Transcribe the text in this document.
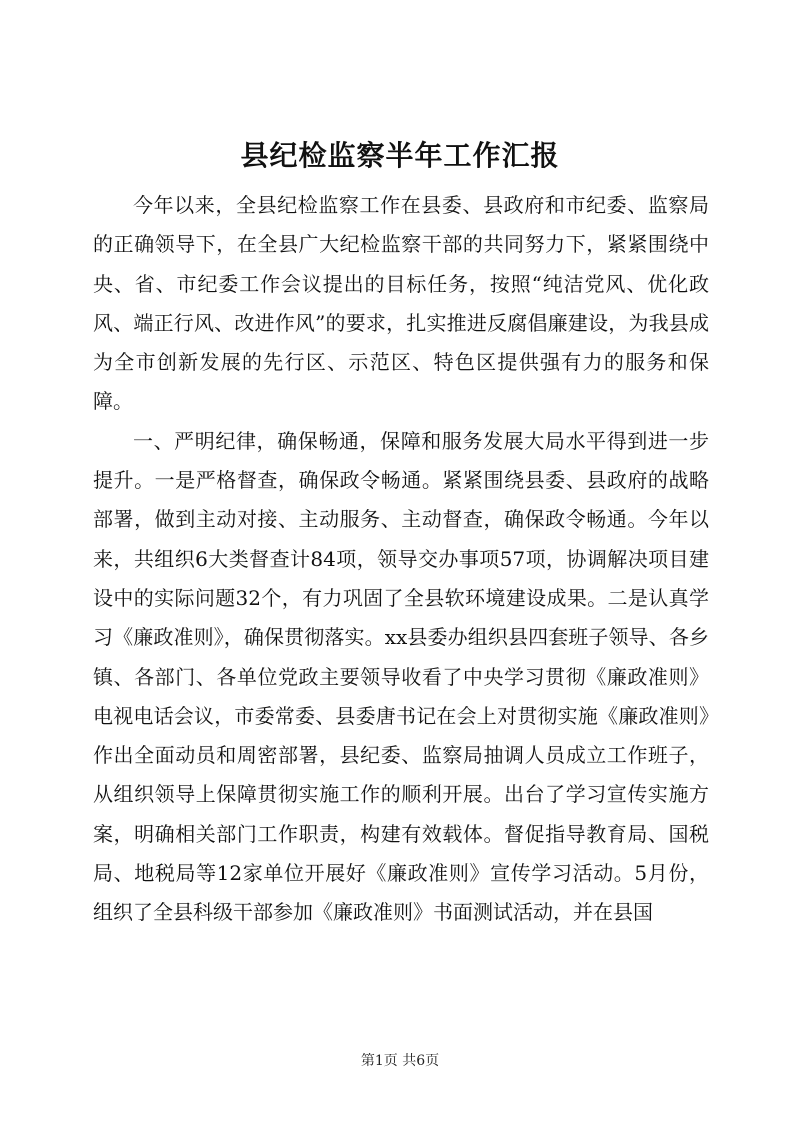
县纪检监察半年工作汇报

今年以来，全县纪检监察工作在县委、县政府和市纪委、监察局的正确领导下，在全县广大纪检监察干部的共同努力下，紧紧围绕中央、省、市纪委工作会议提出的目标任务，按照“纯洁党风、优化政风、端正行风、改进作风”的要求，扎实推进反腐倡廉建设，为我县成为全市创新发展的先行区、示范区、特色区提供强有力的服务和保障。

一、严明纪律，确保畅通，保障和服务发展大局水平得到进一步提升。一是严格督查，确保政令畅通。紧紧围绕县委、县政府的战略部署，做到主动对接、主动服务、主动督查，确保政令畅通。今年以来，共组织6大类督查计84项，领导交办事项57项，协调解决项目建设中的实际问题32个，有力巩固了全县软环境建设成果。二是认真学习《廉政准则》，确保贯彻落实。xx县委办组织县四套班子领导、各乡镇、各部门、各单位党政主要领导收看了中央学习贯彻《廉政准则》电视电话会议，市委常委、县委唐书记在会上对贯彻实施《廉政准则》作出全面动员和周密部署，县纪委、监察局抽调人员成立工作班子，从组织领导上保障贯彻实施工作的顺利开展。出台了学习宣传实施方案，明确相关部门工作职责，构建有效载体。督促指导教育局、国税局、地税局等12家单位开展好《廉政准则》宣传学习活动。5月份，组织了全县科级干部参加《廉政准则》书面测试活动，并在县国

第1页 共6页
